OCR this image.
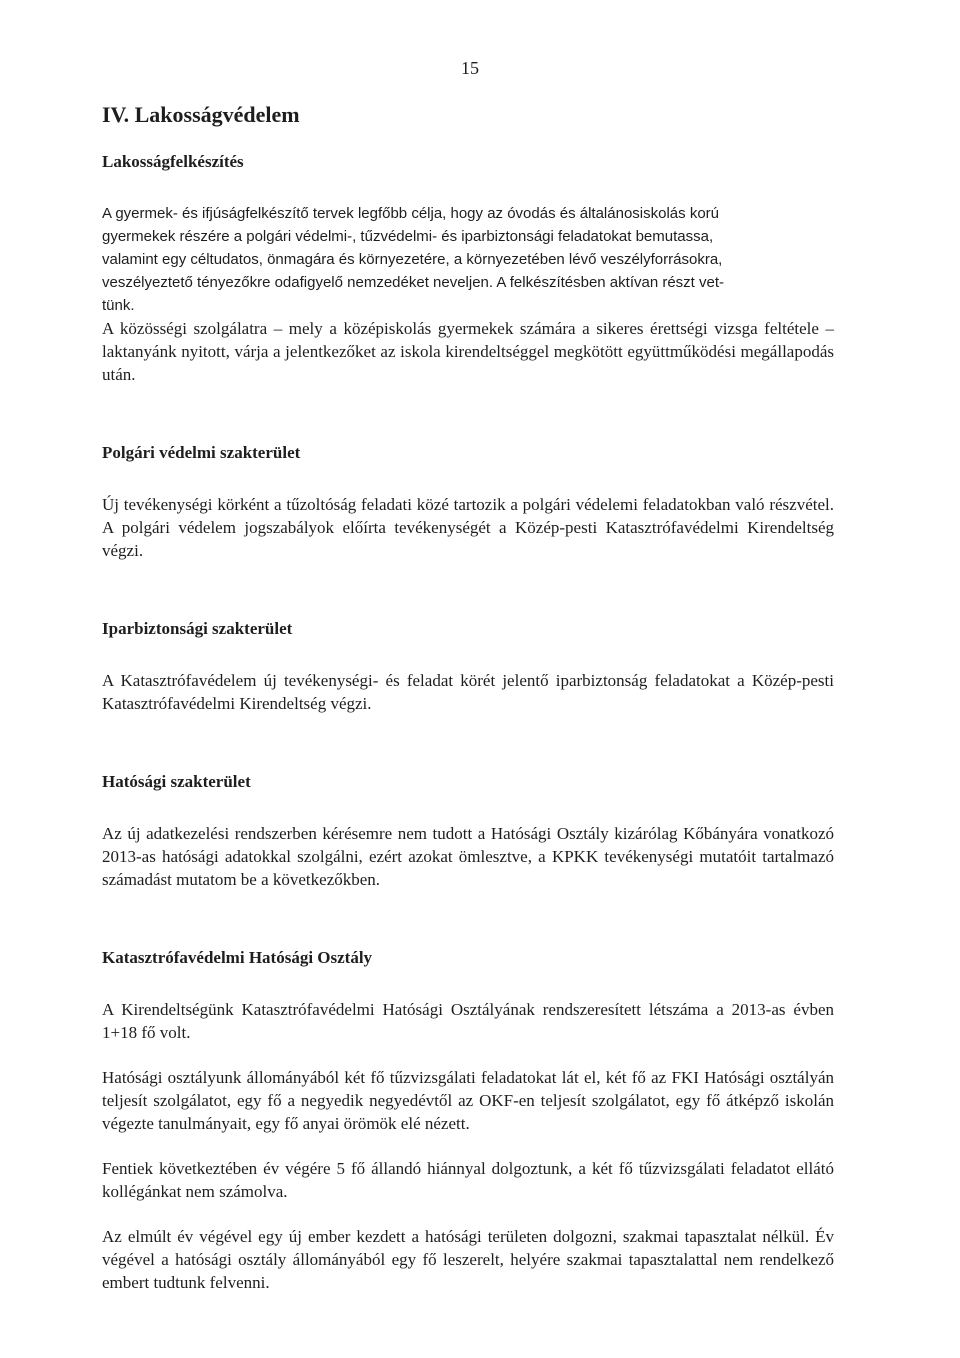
15
IV. Lakosságvédelem
Lakosságfelkészítés

A gyermek- és ifjúságfelkészítő tervek legfőbb célja, hogy az óvodás és általánosiskolás korú
gyermekek részére a polgári védelmi-, tűzvédelmi- és iparbiztonsági feladatokat bemutassa,
valamint egy céltudatos, önmagára és környezetére, a környezetében lévő veszélyforrásokra,
veszélyeztető tényezőkre odafigyelő nemzedéket neveljen. A felkészítésben aktívan részt vet-
tünk.

A közösségi szolgálatra – mely a középiskolás gyermekek számára a sikeres érettségi vizsga feltétele – laktanyánk nyitott, várja a jelentkezőket az iskola kirendeltséggel megkötött együttműködési megállapodás után.

Polgári védelmi szakterület

Új tevékenységi körként a tűzoltóság feladati közé tartozik a polgári védelemi feladatokban való részvétel. A polgári védelem jogszabályok előírta tevékenységét a Közép-pesti Katasztrófavédelmi Kirendeltség végzi.

Iparbiztonsági szakterület

A Katasztrófavédelem új tevékenységi- és feladat körét jelentő iparbiztonság feladatokat a Közép-pesti Katasztrófavédelmi Kirendeltség végzi.

Hatósági szakterület

Az új adatkezelési rendszerben kérésemre nem tudott a Hatósági Osztály kizárólag Kőbányára vonatkozó 2013-as hatósági adatokkal szolgálni, ezért azokat ömlesztve, a KPKK tevékenységi mutatóit tartalmazó számadást mutatom be a következőkben.

Katasztrófavédelmi Hatósági Osztály

A Kirendeltségünk Katasztrófavédelmi Hatósági Osztályának rendszeresített létszáma a 2013-as évben 1+18 fő volt.

Hatósági osztályunk állományából két fő tűzvizsgálati feladatokat lát el, két fő az FKI Hatósági osztályán teljesít szolgálatot, egy fő a negyedik negyedévtől az OKF-en teljesít szolgálatot, egy fő átképző iskolán végezte tanulmányait, egy fő anyai örömök elé nézett.

Fentiek következtében év végére 5 fő állandó hiánnyal dolgoztunk, a két fő tűzvizsgálati feladatot ellátó kollégánkat nem számolva.

Az elmúlt év végével egy új ember kezdett a hatósági területen dolgozni, szakmai tapasztalat nélkül. Év végével a hatósági osztály állományából egy fő leszerelt, helyére szakmai tapasztalattal nem rendelkező embert tudtunk felvenni.
